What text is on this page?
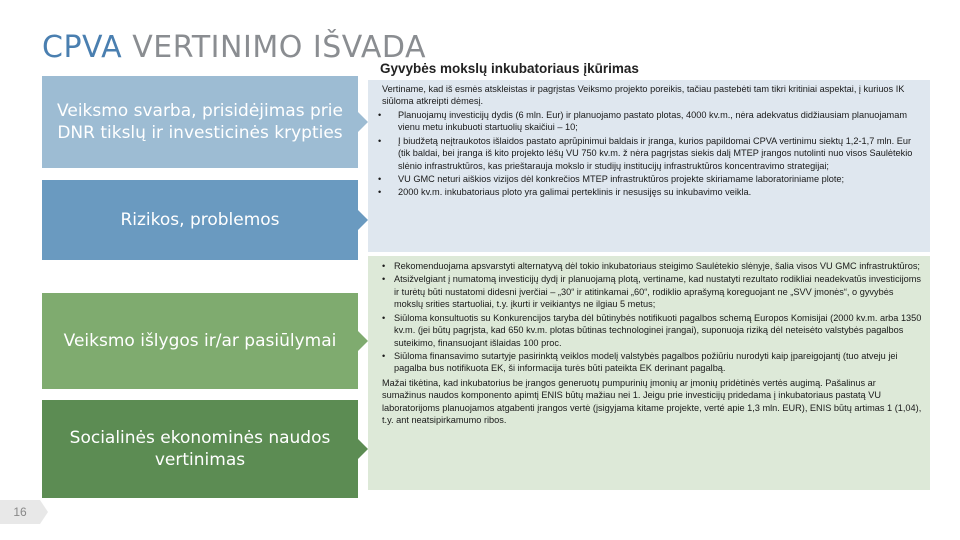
CPVA VERTINIMO IŠVADA
Gyvybės mokslų inkubatoriaus įkūrimas
Veiksmo svarba, prisidėjimas prie DNR tikslų ir investicinės krypties
Rizikos, problemos
Veiksmo išlygos ir/ar pasiūlymai
Socialinės ekonominės naudos vertinimas
Vertiname, kad iš esmės atskleistas ir pagrįstas Veiksmo projekto poreikis, tačiau pastebėti tam tikri kritiniai aspektai, į kuriuos IK siūloma atkreipti dėmesį.
• Planuojamų investicijų dydis (6 mln. Eur) ir planuojamo pastato plotas, 4000 kv.m., nėra adekvatus didžiausiam planuojamam vienu metu inkubuoti startuolių skaičiui – 10;
• Į biudžetą neįtraukotos išlaidos pastato aprūpinimui baldais ir įranga, kurios papildomai CPVA vertinimu siektų 1,2-1,7 mln. Eur (tik baldai, bei įranga iš kito projekto lėšų VU 750 kv.m. ž nėra pagrįstas siekis dalį MTEP įrangos nutolinti nuo visos Saulėtekio slėnio infrastruktūros, kas prieštarauja mokslo ir studijų institucijų infrastruktūros koncentravimo strategijai;
• VU GMC neturi aiškios vizijos dėl konkrečios MTEP infrastruktūros projekte skiriamame laboratoriniame plote;
• 2000 kv.m. inkubatoriaus ploto yra galimai perteklinis ir nesusijęs su inkubavimo veikla.
• Rekomenduojama apsvarstyti alternatyvą dėl tokio inkubatoriaus steigimo Saulėtekio slėnyje, šalia visos VU GMC infrastruktūros;
• Atsižvelgiant į numatomą investicijų dydį ir planuojamą plotą, vertiname, kad nustatyti rezultato rodikliai neadekvatūs investicijoms ir turėtų būti nustatomi didesni įverčiai – „30“ ir atitinkamai „60“, rodiklio aprašymą koreguojant ne „SVV įmonės“, o gyvybės mokslų srities startuoliai, t.y. įkurti ir veikiantys ne ilgiau 5 metus;
• Siūloma konsultuotis su Konkurencijos taryba dėl būtinybės notifikuoti pagalbos schemą Europos Komisijai (2000 kv.m. arba 1350 kv.m. (jei būtų pagrįsta, kad 650 kv.m. plotas būtinas technologinei įrangai), suponuoja riziką dėl neteisėto valstybės pagalbos suteikimo, finansuojant išlaidas 100 proc.
• Siūloma finansavimo sutartyje pasirinktą veiklos modelį valstybės pagalbos požiūriu nurodyti kaip įpareigojantį (tuo atveju jei pagalba bus notifikuota EK, ši informacija turės būti pateikta EK derinant pagalbą.
Mažai tikėtina, kad inkubatorius be įrangos generuotų pumpurinių įmonių ar įmonių pridėtinės vertės augimą. Pašalinus ar sumažinus naudos komponento apimtį ENIS būtų mažiau nei 1. Jeigu prie investicijų pridedama į inkubatoriaus pastatą VU laboratorijoms planuojamos atgabenti įrangos vertė (įsigyjama kitame projekte, verté apie 1,3 mln. EUR), ENIS būtų artimas 1 (1,04), t.y. ant neatsipirkamumo ribos.
16
